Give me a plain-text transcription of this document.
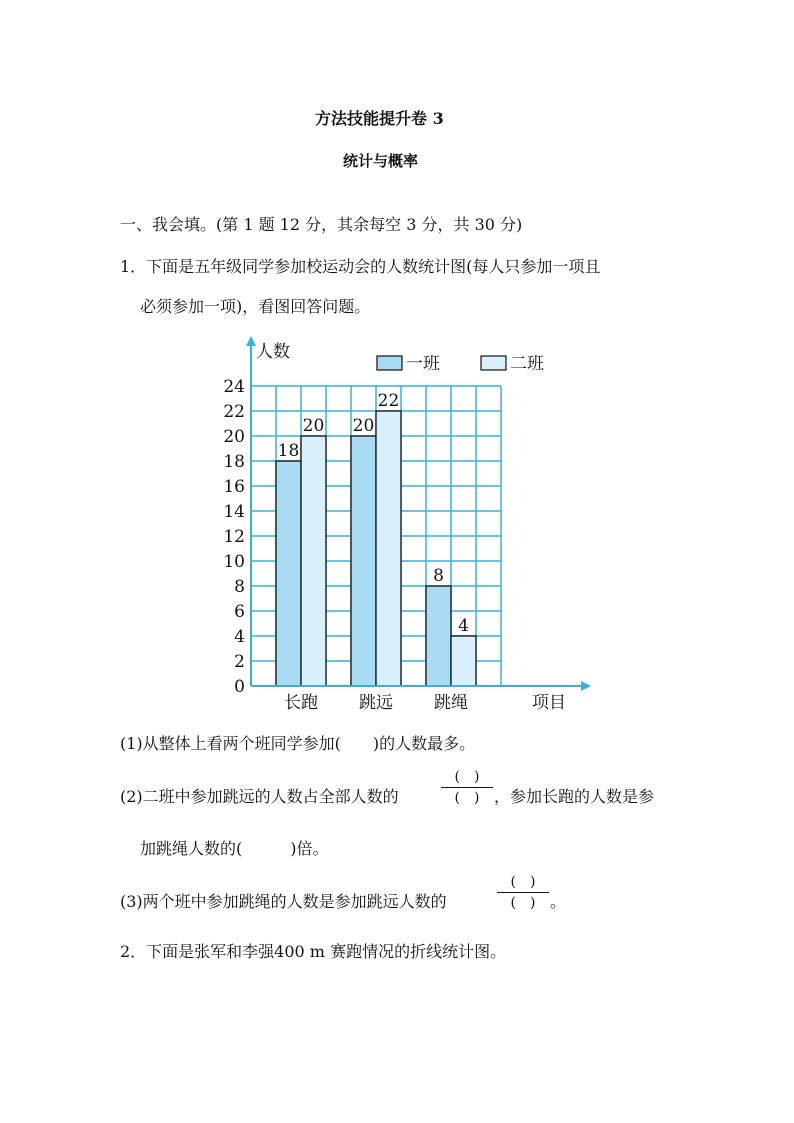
方法技能提升卷 3
统计与概率
一、我会填。(第 1 题 12 分，其余每空 3 分，共 30 分)
1．下面是五年级同学参加校运动会的人数统计图(每人只参加一项且
必须参加一项)，看图回答问题。
人数
项目
0
2
4
6
8
10
12
14
16
18
20
22
24
18
20
长跑
20
22
跳远
8
4
跳绳
一班	二班
(1)从整体上看两个班同学参加(　　)的人数最多。
(2)二班中参加跳远的人数占全部人数的
(　)
(　) ，参加长跑的人数是参
加跳绳人数的(　　　)倍。
(3)两个班中参加跳绳的人数是参加跳远人数的
(　)
(　) 。
2．下面是张军和李强400 m 赛跑情况的折线统计图。
